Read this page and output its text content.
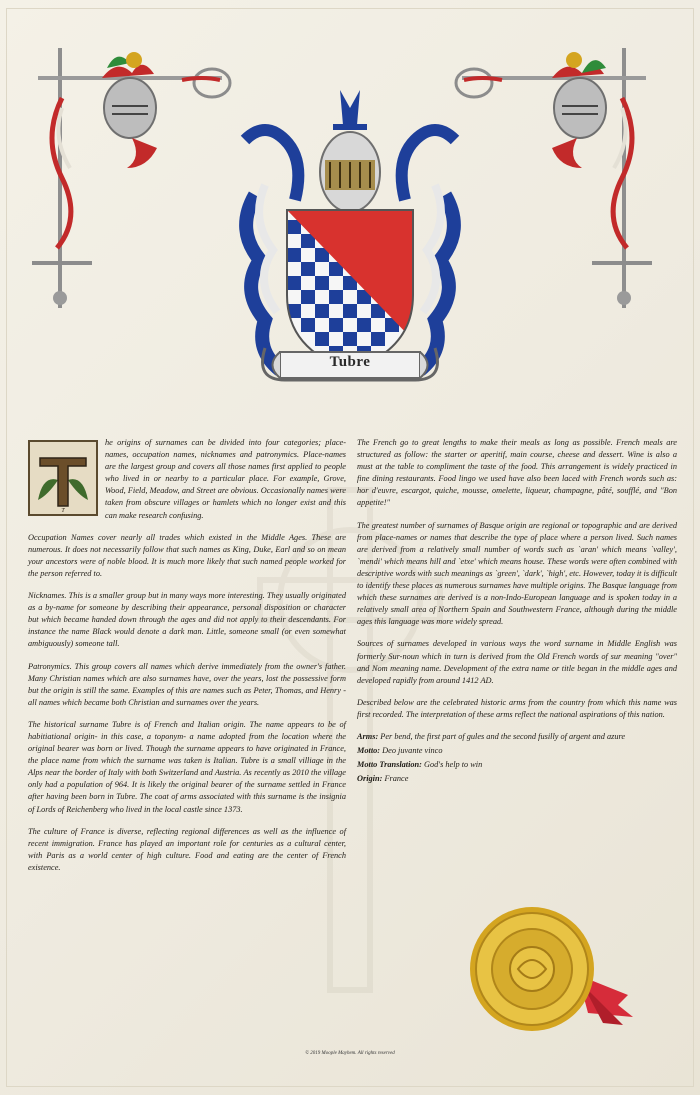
Tubre
T
he origins of surnames can be divided into four categories; place-names, occupation names, nicknames and patronymics. Place-names are the largest group and covers all those names first applied to people who lived in or nearby to a particular place. For example, Grove, Wood, Field, Meadow, and Street are obvious. Occasionally names were taken from obscure villages or hamlets which no longer exist and this can make research confusing.

Occupation Names cover nearly all trades which existed in the Middle Ages. These are numerous. It does not necessarily follow that such names as King, Duke, Earl and so on mean your ancestors were of noble blood. It is much more likely that such named people worked for the person referred to.

Nicknames. This is a smaller group but in many ways more interesting. They usually originated as a by-name for someone by describing their appearance, personal disposition or character but which became handed down through the ages and did not apply to their descendants. For instance the name Black would denote a dark man. Little, someone small (or even somewhat ambiguously) someone tall.

Patronymics. This group covers all names which derive immediately from the owner's father. Many Christian names which are also surnames have, over the years, lost the possessive form but the origin is still the same. Examples of this are names such as Peter, Thomas, and Henry - all names which became both Christian and surnames over the years.

The historical surname Tubre is of French and Italian origin. The name appears to be of habitiational origin- in this case, a toponym- a name adopted from the location where the original bearer was born or lived. Though the surname appears to have originated in France, the place name from which the surname was taken is Italian. Tubre is a small villiage in the Alps near the border of Italy with both Switzerland and Austria. As recently as 2010 the village only had a population of 964. It is likely the original bearer of the surname settled in France after having been born in Tubre. The coat of arms associated with this surname is the insignia of Lords of Reichenberg who lived in the local castle since 1373.

The culture of France is diverse, reflecting regional differences as well as the influence of recent immigration. France has played an important role for centuries as a cultural center, with Paris as a world center of high culture. Food and eating are the center of French existence.

The French go to great lengths to make their meals as long as possible. French meals are structured as follow: the starter or aperitif, main course, cheese and dessert. Wine is also a must at the table to compliment the taste of the food. This arrangement is widely practiced in fine dining restaurants. Food lingo we used have also been laced with French words such as: hor d'euvre, escargot, quiche, mousse, omelette, liqueur, champagne, pâté, soufflé, and "Bon appetite!"

The greatest number of surnames of Basque origin are regional or topographic and are derived from place-names or names that describe the type of place where a person lived. Such names are derived from a relatively small number of words such as `aran' which means `valley', `mendi' which means hill and `etxe' which means house. These words were often combined with descriptive words with such meanings as `green', `dark', `high', etc. However, today it is difficult to identify these places as numerous surnames have multiple origins. The Basque language from which these surnames are derived is a non-Indo-European language and is spoken today in a relatively small area of Northern Spain and Southwestern France, although during the middle ages this language was more widely spread.

Sources of surnames developed in various ways the word surname in Middle English was formerly Sur-noun which in turn is derived from the Old French words of sur meaning "over" and Nom meaning name. Development of the extra name or title began in the middle ages and developed rapidly from around 1412 AD.

Described below are the celebrated historic arms from the country from which this name was first recorded. The interpretation of these arms reflect the national aspirations of this nation.

Arms: Per bend, the first part of gules and the second fusilly of argent and azure

Motto: Deo juvante vinco

Motto Translation: God's help to win

Origin: France

© 2019 Moople Mayhem. All rights reserved
